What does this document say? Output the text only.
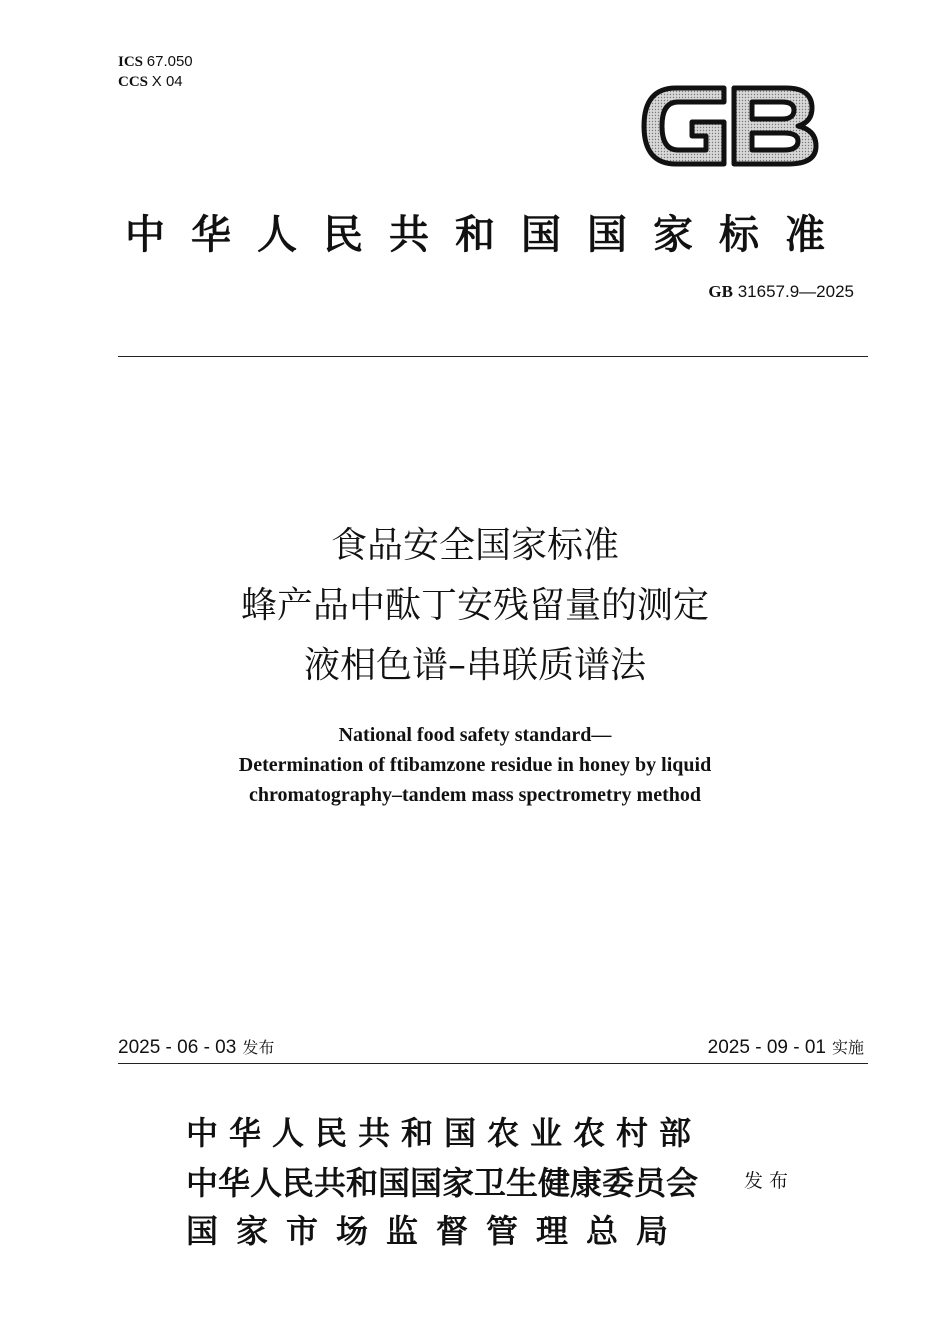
ICS 67.050
CCS X 04
中华人民共和国国家标准
GB 31657.9—2025
食品安全国家标准
蜂产品中酞丁安残留量的测定
液相色谱–串联质谱法
National food safety standard—
Determination of ftibamzone residue in honey by liquid
chromatography–tandem mass spectrometry method
2025 - 06 - 03 发布	2025 - 09 - 01 实施
中华人民共和国农业农村部
中华人民共和国国家卫生健康委员会
国家市场监督管理总局
发布
